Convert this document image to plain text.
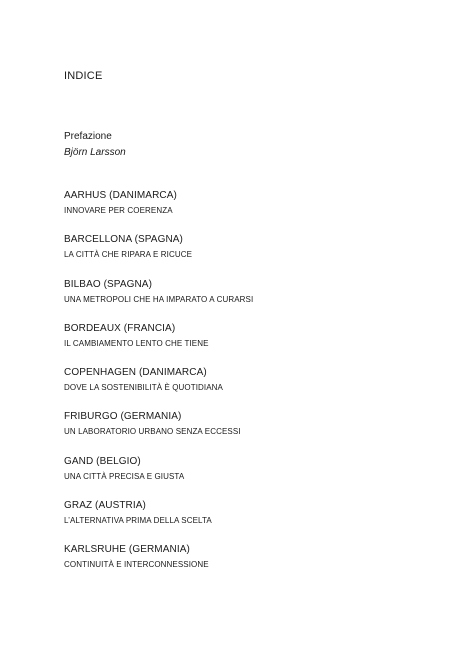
INDICE
Prefazione
Björn Larsson
AARHUS (DANIMARCA)
INNOVARE PER COERENZA
BARCELLONA (SPAGNA)
LA CITTÀ CHE RIPARA E RICUCE
BILBAO (SPAGNA)
UNA METROPOLI CHE HA IMPARATO A CURARSI
BORDEAUX (FRANCIA)
IL CAMBIAMENTO LENTO CHE TIENE
COPENHAGEN (DANIMARCA)
DOVE LA SOSTENIBILITÀ È QUOTIDIANA
FRIBURGO (GERMANIA)
UN LABORATORIO URBANO SENZA ECCESSI
GAND (BELGIO)
UNA CITTÀ PRECISA E GIUSTA
GRAZ (AUSTRIA)
L’ALTERNATIVA PRIMA DELLA SCELTA
KARLSRUHE (GERMANIA)
CONTINUITÀ E INTERCONNESSIONE
